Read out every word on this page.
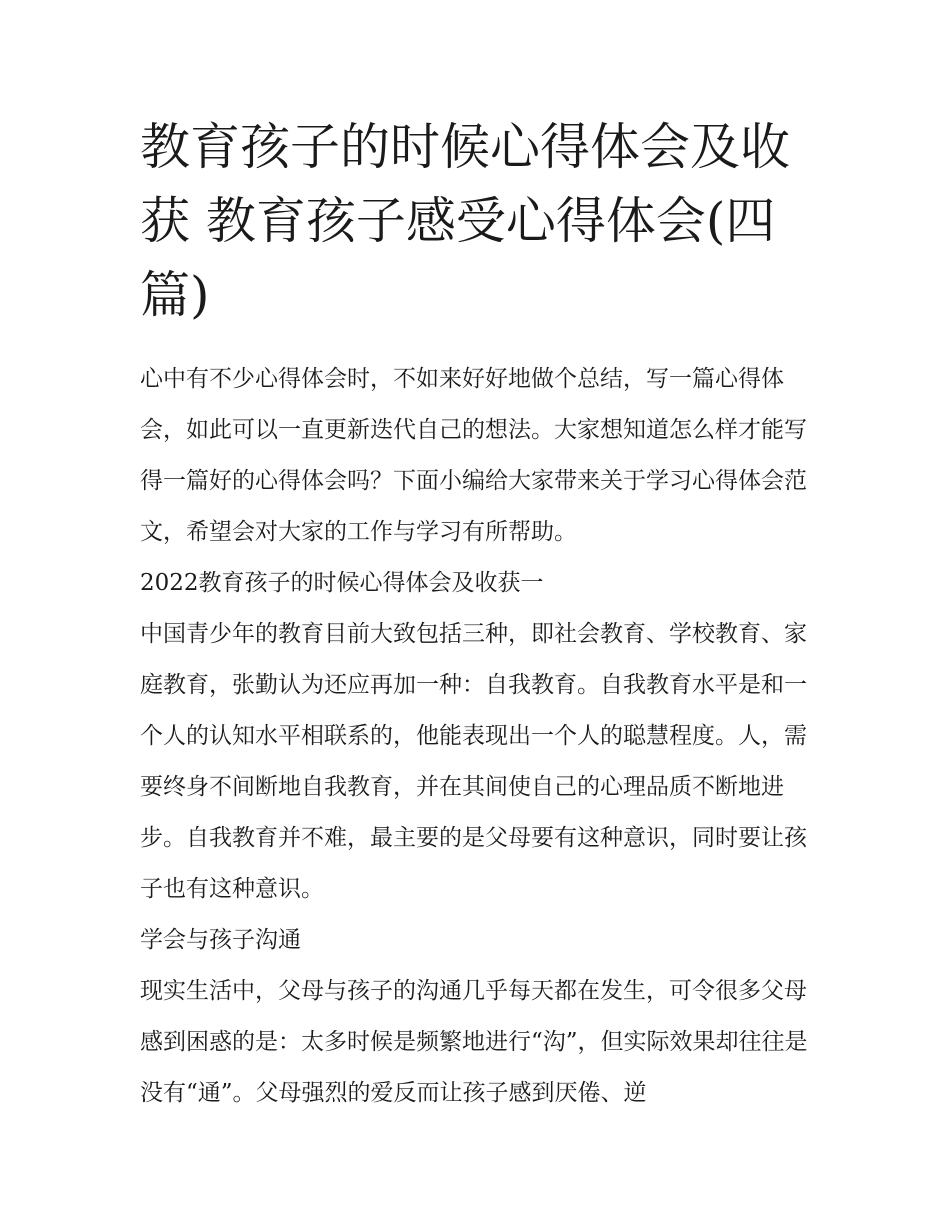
教育孩子的时候心得体会及收获 教育孩子感受心得体会(四篇)

心中有不少心得体会时，不如来好好地做个总结，写一篇心得体会，如此可以一直更新迭代自己的想法。大家想知道怎么样才能写得一篇好的心得体会吗？下面小编给大家带来关于学习心得体会范文，希望会对大家的工作与学习有所帮助。

2022教育孩子的时候心得体会及收获一

中国青少年的教育目前大致包括三种，即社会教育、学校教育、家庭教育，张勤认为还应再加一种：自我教育。自我教育水平是和一个人的认知水平相联系的，他能表现出一个人的聪慧程度。人，需要终身不间断地自我教育，并在其间使自己的心理品质不断地进步。自我教育并不难，最主要的是父母要有这种意识，同时要让孩子也有这种意识。

学会与孩子沟通

现实生活中，父母与孩子的沟通几乎每天都在发生，可令很多父母感到困惑的是：太多时候是频繁地进行“沟”，但实际效果却往往是没有“通”。父母强烈的爱反而让孩子感到厌倦、逆
